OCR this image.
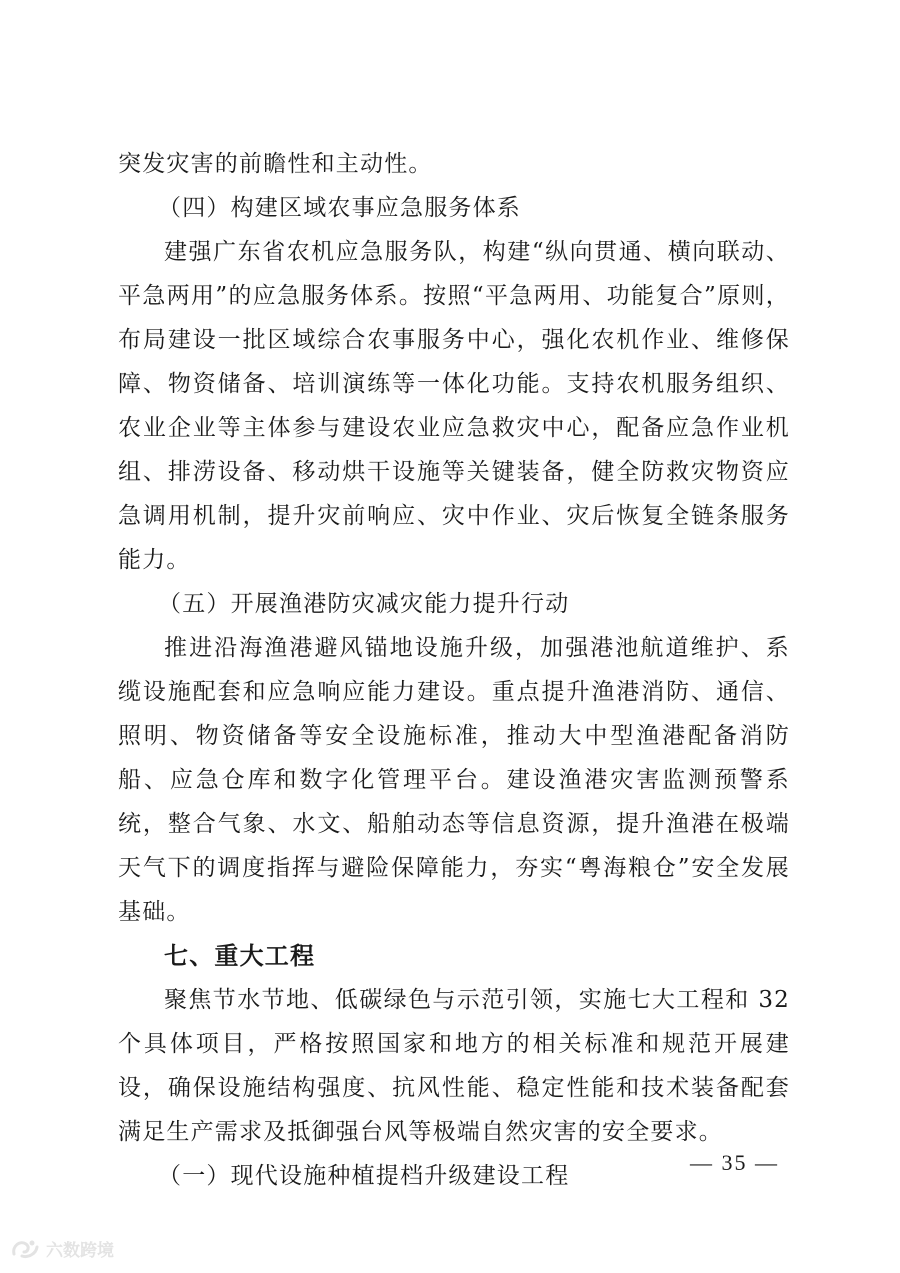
突发灾害的前瞻性和主动性。

（四）构建区域农事应急服务体系

建强广东省农机应急服务队，构建“纵向贯通、横向联动、平急两用”的应急服务体系。按照“平急两用、功能复合”原则，布局建设一批区域综合农事服务中心，强化农机作业、维修保障、物资储备、培训演练等一体化功能。支持农机服务组织、农业企业等主体参与建设农业应急救灾中心，配备应急作业机组、排涝设备、移动烘干设施等关键装备，健全防救灾物资应急调用机制，提升灾前响应、灾中作业、灾后恢复全链条服务能力。

（五）开展渔港防灾减灾能力提升行动

推进沿海渔港避风锚地设施升级，加强港池航道维护、系缆设施配套和应急响应能力建设。重点提升渔港消防、通信、照明、物资储备等安全设施标准，推动大中型渔港配备消防船、应急仓库和数字化管理平台。建设渔港灾害监测预警系统，整合气象、水文、船舶动态等信息资源，提升渔港在极端天气下的调度指挥与避险保障能力，夯实“粤海粮仓”安全发展基础。

七、重大工程

聚焦节水节地、低碳绿色与示范引领，实施七大工程和 32 个具体项目，严格按照国家和地方的相关标准和规范开展建设，确保设施结构强度、抗风性能、稳定性能和技术装备配套满足生产需求及抵御强台风等极端自然灾害的安全要求。

（一）现代设施种植提档升级建设工程
— 35 —
六数跨境
